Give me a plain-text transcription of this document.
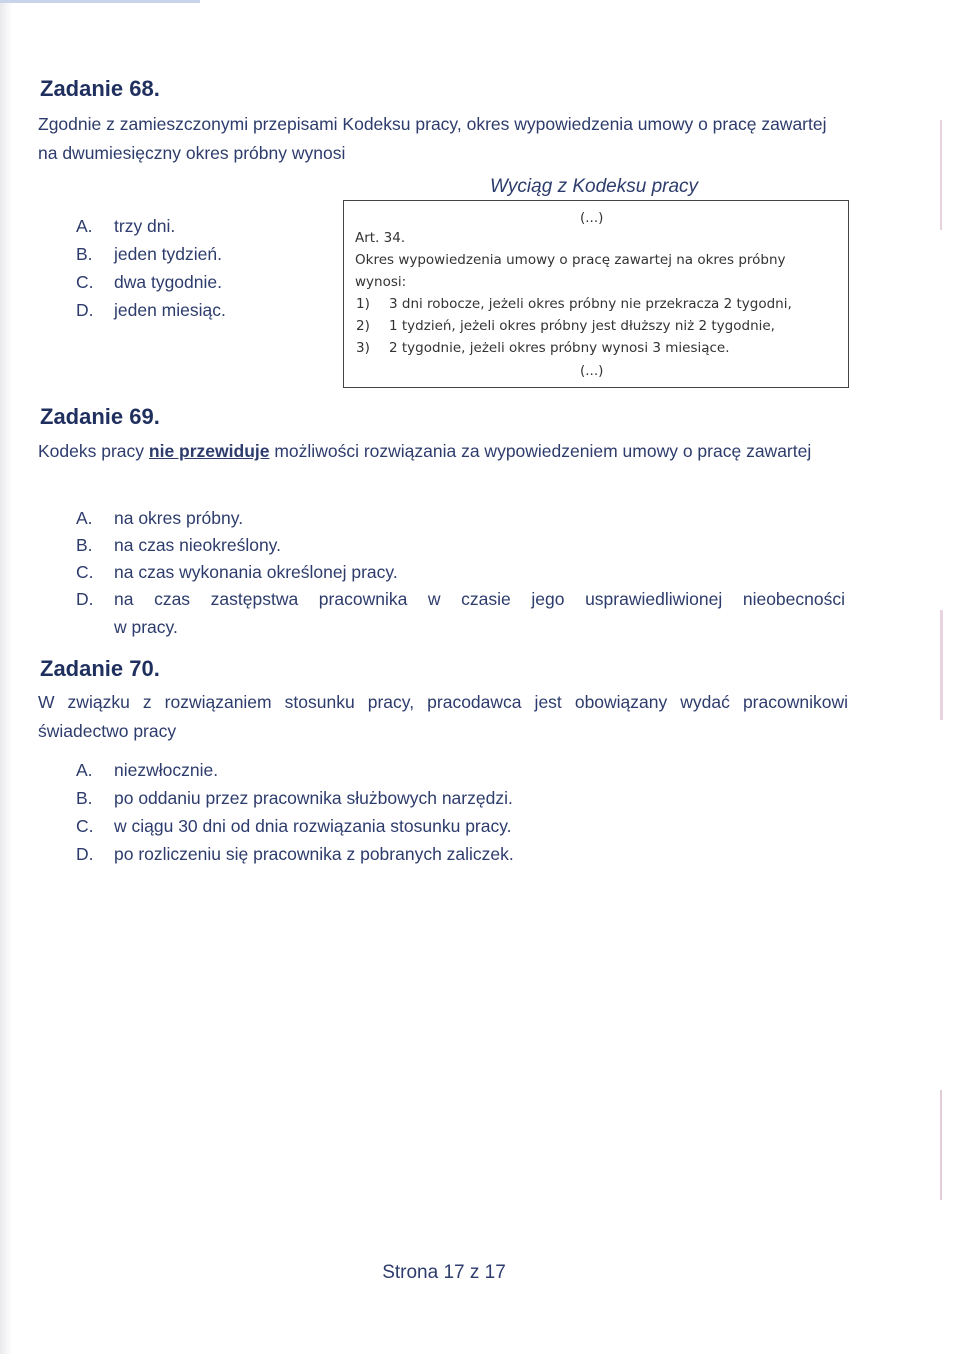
Zadanie 68.

Zgodnie z zamieszczonymi przepisami Kodeksu pracy, okres wypowiedzenia umowy o pracę zawartej na dwumiesięczny okres próbny wynosi

A. trzy dni.
B. jeden tydzień.
C. dwa tygodnie.
D. jeden miesiąc.
Wyciąg z Kodeksu pracy
(...)
Art. 34.
Okres wypowiedzenia umowy o pracę zawartej na okres próbny
wynosi:
1) 3 dni robocze, jeżeli okres próbny nie przekracza 2 tygodni,
2) 1 tydzień, jeżeli okres próbny jest dłuższy niż 2 tygodnie,
3) 2 tygodnie, jeżeli okres próbny wynosi 3 miesiące.
(...)
Zadanie 69.

Kodeks pracy nie przewiduje możliwości rozwiązania za wypowiedzeniem umowy o pracę zawartej

A. na okres próbny.
B. na czas nieokreślony.
C. na czas wykonania określonej pracy.
D.	na czas zastępstwa pracownika w czasie jego usprawiedliwionej nieobecności
w pracy.
Zadanie 70.

W związku z rozwiązaniem stosunku pracy, pracodawca jest obowiązany wydać pracownikowi świadectwo pracy

A. niezwłocznie.
B. po oddaniu przez pracownika służbowych narzędzi.
C. w ciągu 30 dni od dnia rozwiązania stosunku pracy.
D. po rozliczeniu się pracownika z pobranych zaliczek.
Strona 17 z 17
